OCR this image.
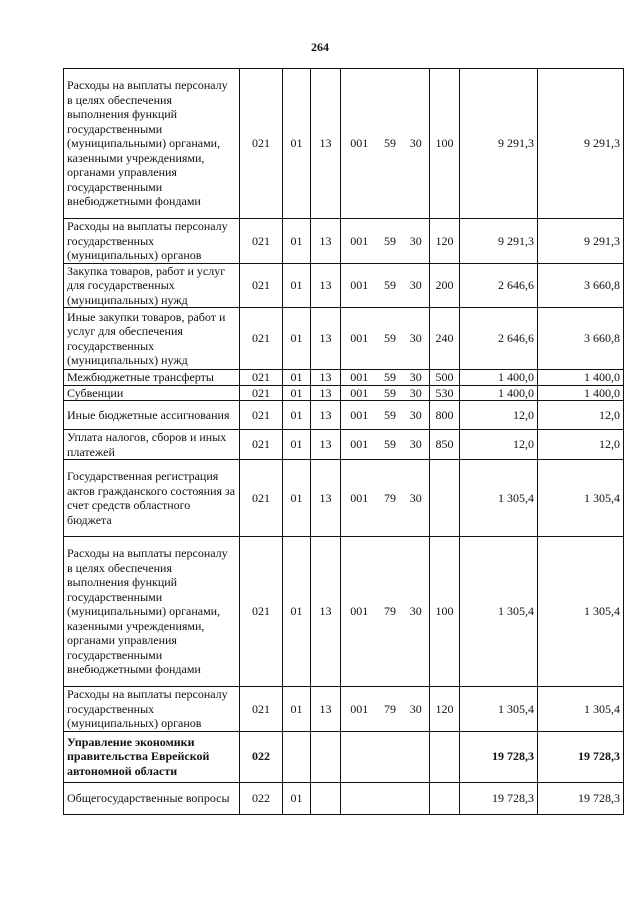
264
Расходы на выплаты персоналу в целях обеспечения выполнения функций государственными (муниципальными) органами, казенными учреждениями, органами управления государственными внебюджетными фондами	021	01	13	001	59	30	100	9 291,3	9 291,3
Расходы на выплаты персоналу государственных (муниципальных) органов	021	01	13	001	59	30	120	9 291,3	9 291,3
Закупка товаров, работ и услуг для государственных (муниципальных) нужд	021	01	13	001	59	30	200	2 646,6	3 660,8
Иные закупки товаров, работ и услуг для обеспечения государственных (муниципальных) нужд	021	01	13	001	59	30	240	2 646,6	3 660,8
Межбюджетные трансферты	021	01	13	001	59	30	500	1 400,0	1 400,0
Субвенции	021	01	13	001	59	30	530	1 400,0	1 400,0
Иные бюджетные ассигнования	021	01	13	001	59	30	800	12,0	12,0
Уплата налогов, сборов и иных платежей	021	01	13	001	59	30	850	12,0	12,0
Государственная регистрация актов гражданского состояния за счет средств областного бюджета	021	01	13	001	79	30		1 305,4	1 305,4
Расходы на выплаты персоналу в целях обеспечения выполнения функций государственными (муниципальными) органами, казенными учреждениями, органами управления государственными внебюджетными фондами	021	01	13	001	79	30	100	1 305,4	1 305,4
Расходы на выплаты персоналу государственных (муниципальных) органов	021	01	13	001	79	30	120	1 305,4	1 305,4
Управление экономики правительства Еврейской автономной области	022							19 728,3	19 728,3
Общегосударственные вопросы	022	01						19 728,3	19 728,3
